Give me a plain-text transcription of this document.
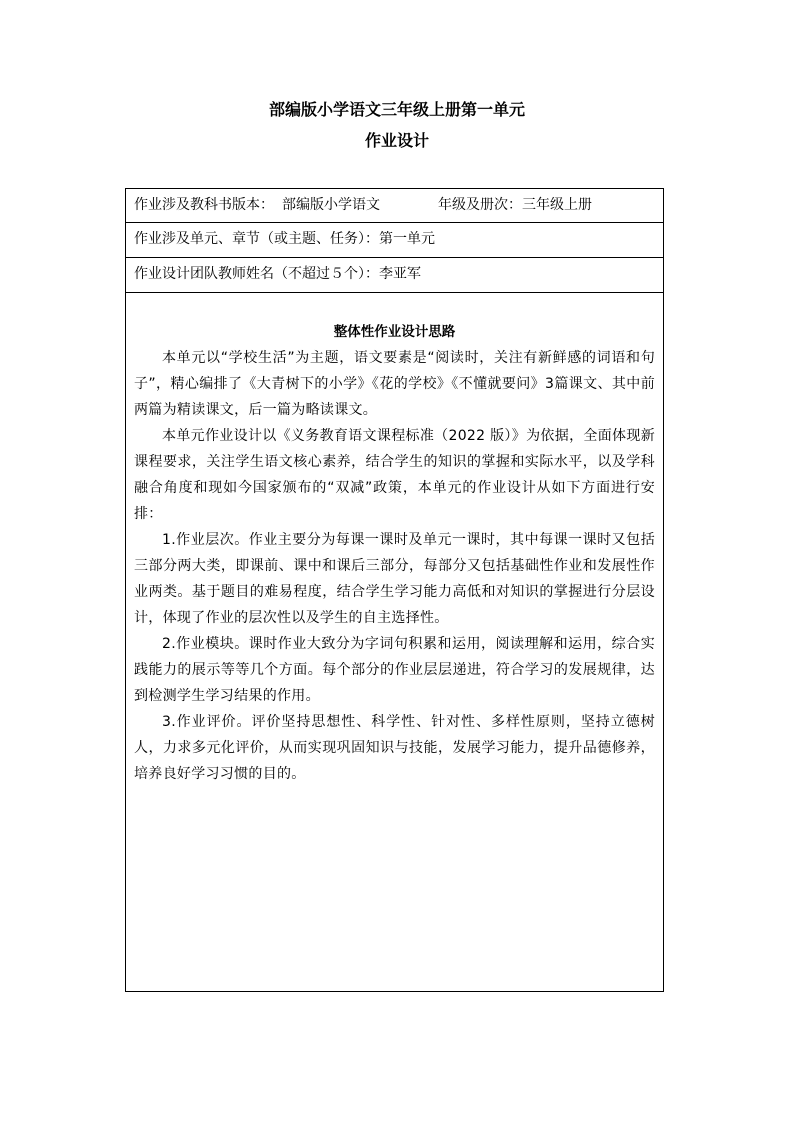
部编版小学语文三年级上册第一单元
作业设计
作业涉及教科书版本： 部编版小学语文	年级及册次：三年级上册
作业涉及单元、章节（或主题、任务）：第一单元
作业设计团队教师姓名（不超过５个）：李亚军
整体性作业设计思路

本单元以“学校生活”为主题，语文要素是“阅读时，关注有新鲜感的词语和句子”，精心编排了《大青树下的小学》《花的学校》《不懂就要问》3篇课文、其中前两篇为精读课文，后一篇为略读课文。

本单元作业设计以《义务教育语文课程标准（2022 版）》为依据，全面体现新课程要求，关注学生语文核心素养，结合学生的知识的掌握和实际水平，以及学科融合角度和现如今国家颁布的“双减”政策，本单元的作业设计从如下方面进行安排：

1.作业层次。作业主要分为每课一课时及单元一课时，其中每课一课时又包括三部分两大类，即课前、课中和课后三部分，每部分又包括基础性作业和发展性作业两类。基于题目的难易程度，结合学生学习能力高低和对知识的掌握进行分层设计，体现了作业的层次性以及学生的自主选择性。

2.作业模块。课时作业大致分为字词句积累和运用，阅读理解和运用，综合实践能力的展示等等几个方面。每个部分的作业层层递进，符合学习的发展规律，达到检测学生学习结果的作用。

3.作业评价。评价坚持思想性、科学性、针对性、多样性原则，坚持立德树人，力求多元化评价，从而实现巩固知识与技能，发展学习能力，提升品德修养，培养良好学习习惯的目的。
